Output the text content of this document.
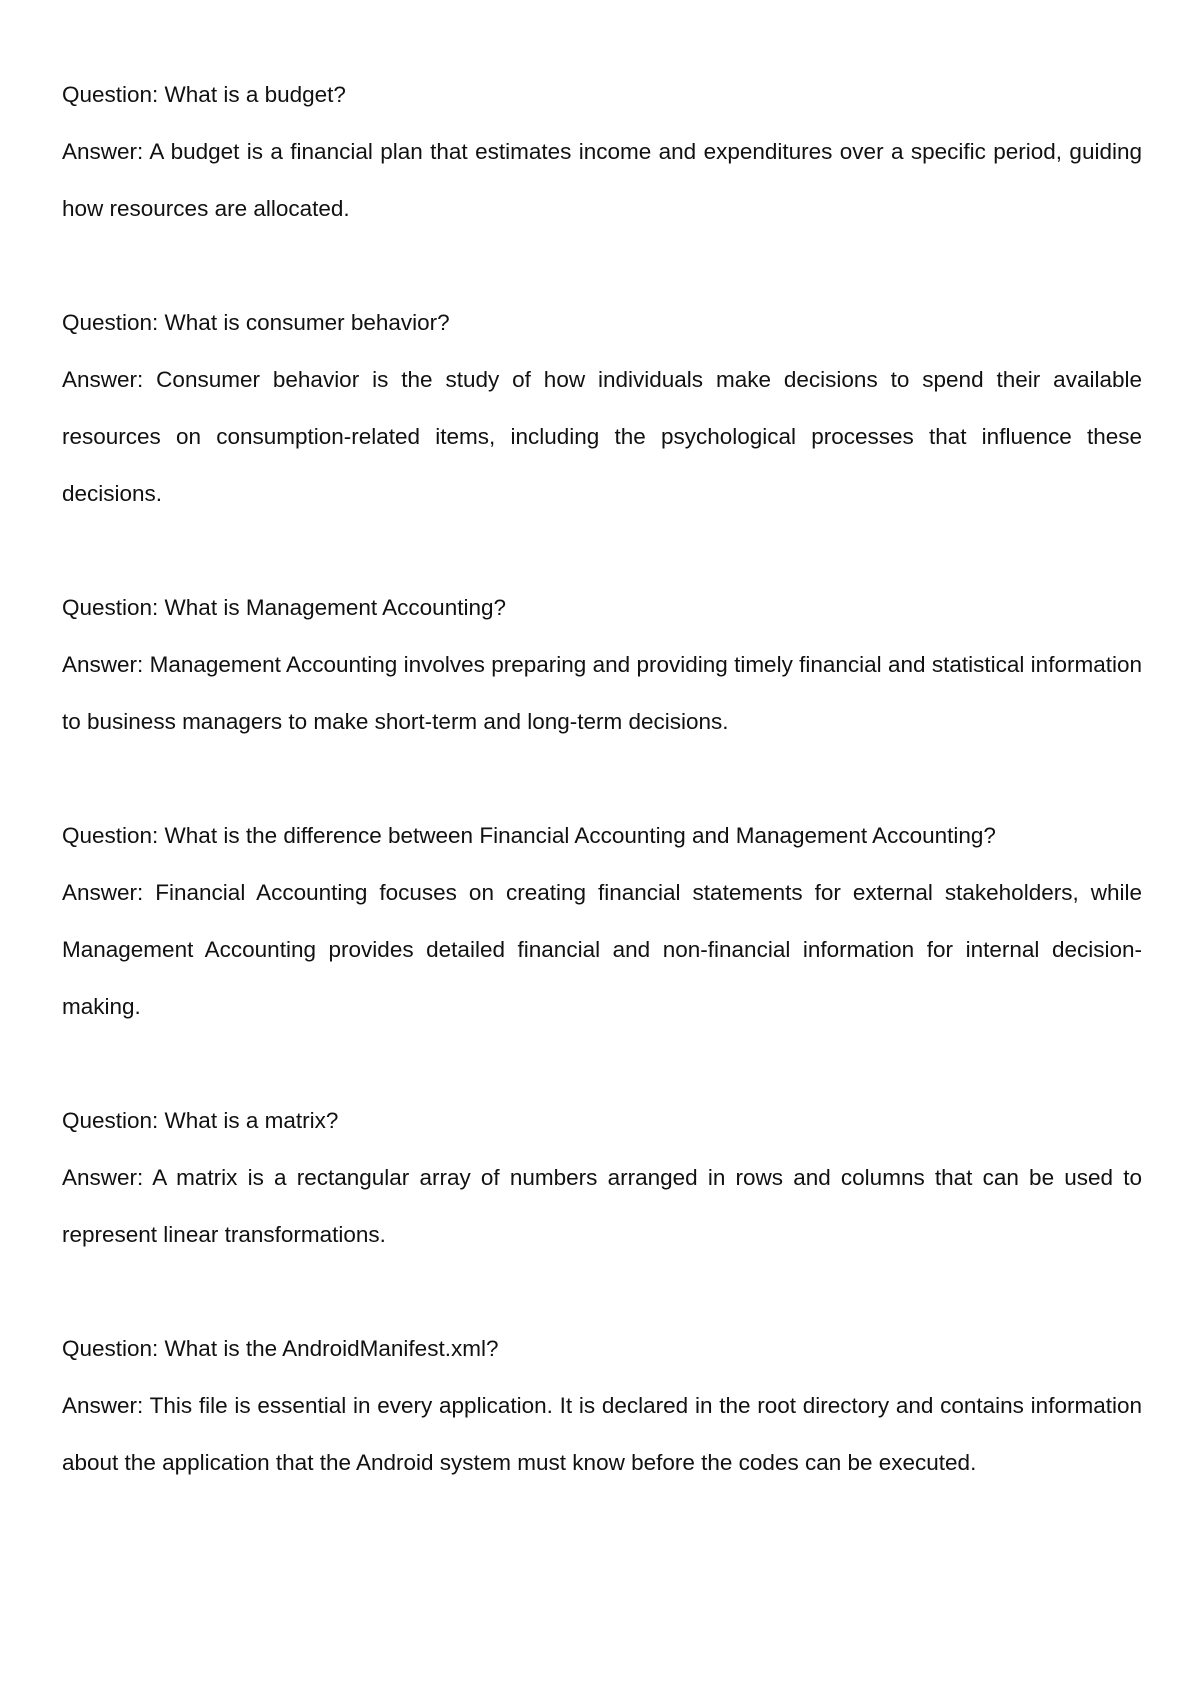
Question: What is a budget?

Answer: A budget is a financial plan that estimates income and expenditures over a specific period, guiding how resources are allocated.

Question: What is consumer behavior?

Answer: Consumer behavior is the study of how individuals make decisions to spend their available resources on consumption-related items, including the psychological processes that influence these decisions.

Question: What is Management Accounting?

Answer: Management Accounting involves preparing and providing timely financial and statistical information to business managers to make short-term and long-term decisions.

Question: What is the difference between Financial Accounting and Management Accounting?

Answer: Financial Accounting focuses on creating financial statements for external stakeholders, while Management Accounting provides detailed financial and non-financial information for internal decision-making.

Question: What is a matrix?

Answer: A matrix is a rectangular array of numbers arranged in rows and columns that can be used to represent linear transformations.

Question: What is the AndroidManifest.xml?

Answer: This file is essential in every application. It is declared in the root directory and contains information about the application that the Android system must know before the codes can be executed.
